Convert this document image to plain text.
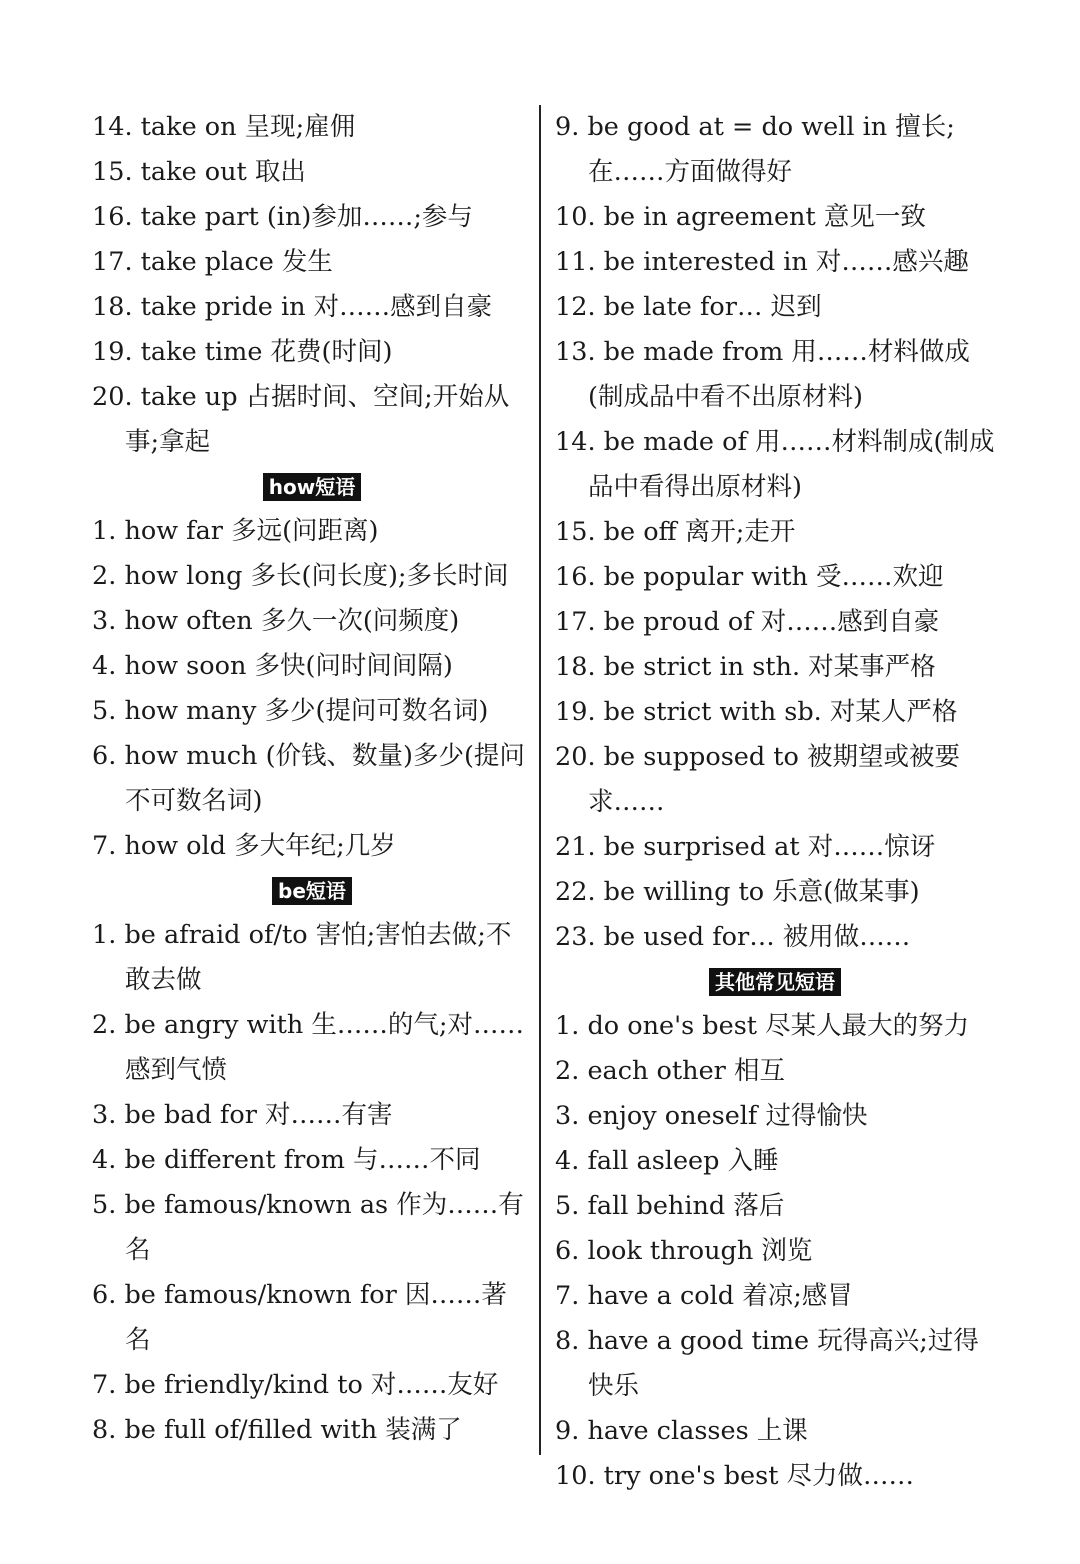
14. take on 呈现;雇佣
15. take out 取出
16. take part (in)参加……;参与
17. take place 发生
18. take pride in 对……感到自豪
19. take time 花费(时间)
20. take up 占据时间、空间;开始从事;拿起
how短语
1. how far 多远(问距离)
2. how long 多长(问长度);多长时间
3. how often 多久一次(问频度)
4. how soon 多快(问时间间隔)
5. how many 多少(提问可数名词)
6. how much (价钱、数量)多少(提问不可数名词)
7. how old 多大年纪;几岁
be短语
1. be afraid of/to 害怕;害怕去做;不敢去做
2. be angry with 生……的气;对……感到气愤
3. be bad for 对……有害
4. be different from 与……不同
5. be famous/known as 作为……有名
6. be famous/known for 因……著名
7. be friendly/kind to 对……友好
8. be full of/filled with 装满了
9. be good at = do well in 擅长;在……方面做得好
10. be in agreement 意见一致
11. be interested in 对……感兴趣
12. be late for… 迟到
13. be made from 用……材料做成(制成品中看不出原材料)
14. be made of 用……材料制成(制成品中看得出原材料)
15. be off 离开;走开
16. be popular with 受……欢迎
17. be proud of 对……感到自豪
18. be strict in sth. 对某事严格
19. be strict with sb. 对某人严格
20. be supposed to 被期望或被要求……
21. be surprised at 对……惊讶
22. be willing to 乐意(做某事)
23. be used for… 被用做……
其他常见短语
1. do one's best 尽某人最大的努力
2. each other 相互
3. enjoy oneself 过得愉快
4. fall asleep 入睡
5. fall behind 落后
6. look through 浏览
7. have a cold 着凉;感冒
8. have a good time 玩得高兴;过得快乐
9. have classes 上课
10. try one's best 尽力做……
